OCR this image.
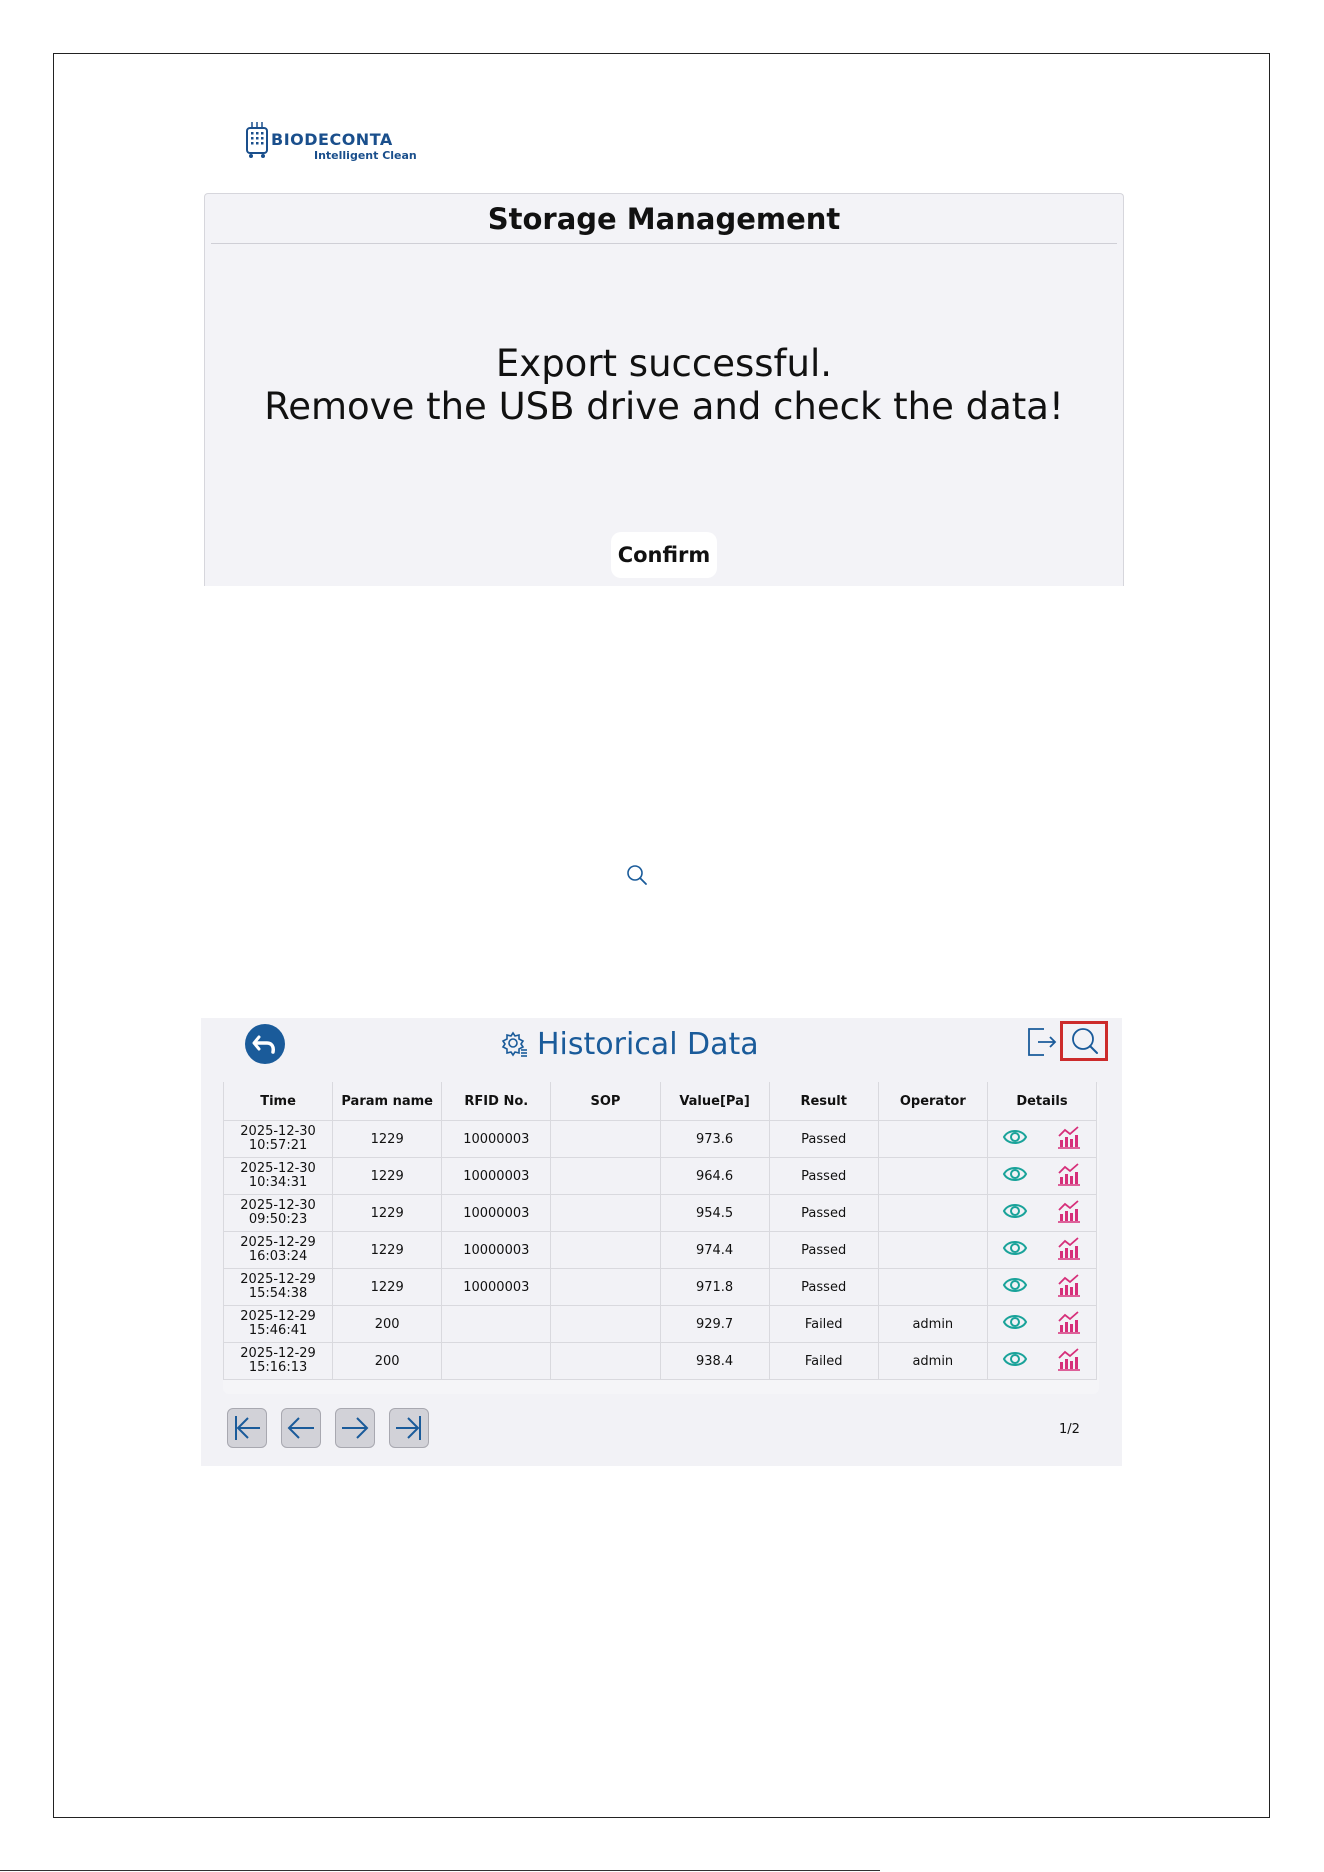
BIODECONTA
Intelligent Clean
Storage Management
Export successful.
Remove the USB drive and check the data!
Confirm
Historical Data
Time	Param name	RFID No.	SOP	Value[Pa]	Result	Operator	Details

2025-12-30
10:57:21	1229	10000003		973.6	Passed		

2025-12-30
10:34:31	1229	10000003		964.6	Passed		

2025-12-30
09:50:23	1229	10000003		954.5	Passed		

2025-12-29
16:03:24	1229	10000003		974.4	Passed		

2025-12-29
15:54:38	1229	10000003		971.8	Passed		

2025-12-29
15:46:41	200			929.7	Failed	admin	

2025-12-29
15:16:13	200			938.4	Failed	admin	
1/2
